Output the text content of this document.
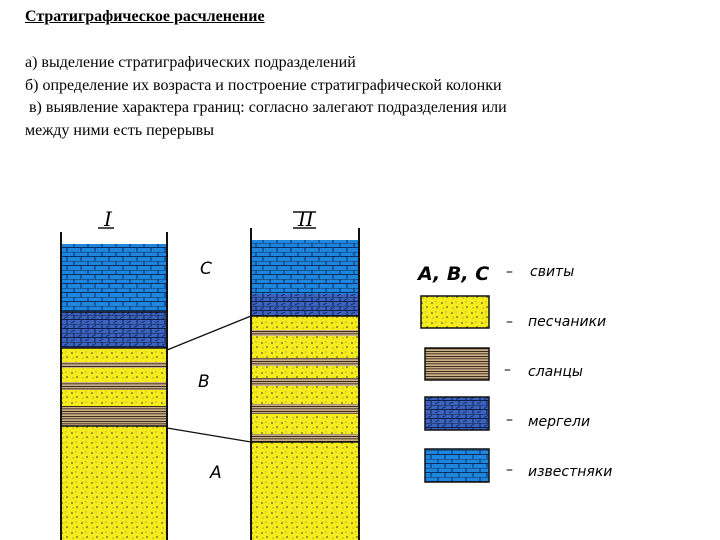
Стратиграфическое расчленение
а) выделение стратиграфических подразделений
б) определение их возраста и построение стратиграфической колонки
в) выявление характера границ: согласно залегают подразделения или
между ними есть перерывы
I	II
C
B
A
A, B, C – свиты
– песчаники
– сланцы
– мергели
– известняки
